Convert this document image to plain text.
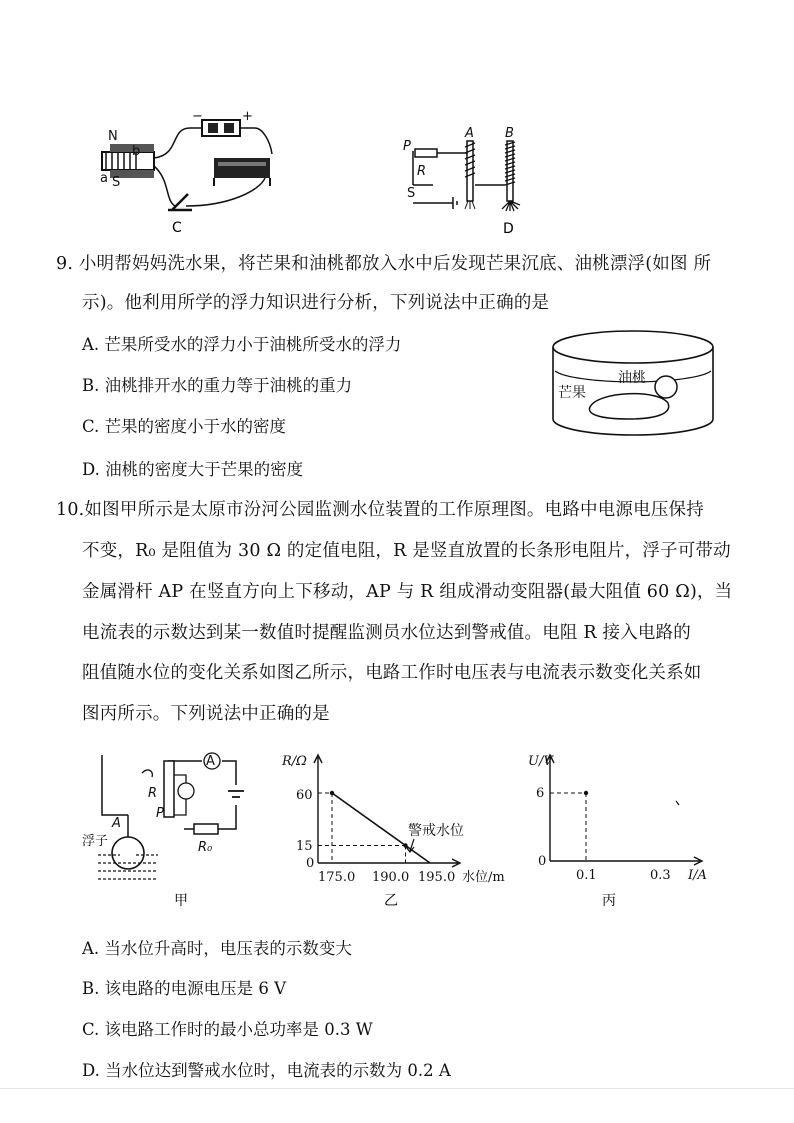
N
S
b
a
−	+
C
P
R
S
A B
D
9. 小明帮妈妈洗水果，将芒果和油桃都放入水中后发现芒果沉底、油桃漂浮(如图 所
示)。他利用所学的浮力知识进行分析，下列说法中正确的是
A. 芒果所受水的浮力小于油桃所受水的浮力
B. 油桃排开水的重力等于油桃的重力
C. 芒果的密度小于水的密度
D. 油桃的密度大于芒果的密度
油桃
芒果
10.如图甲所示是太原市汾河公园监测水位装置的工作原理图。电路中电源电压保持
不变，R₀ 是阻值为 30 Ω 的定值电阻，R 是竖直放置的长条形电阻片，浮子可带动
金属滑杆 AP 在竖直方向上下移动，AP 与 R 组成滑动变阻器(最大阻值 60 Ω)，当
电流表的示数达到某一数值时提醒监测员水位达到警戒值。电阻 R 接入电路的
阻值随水位的变化关系如图乙所示，电路工作时电压表与电流表示数变化关系如
图丙所示。下列说法中正确的是
A
R
P
R₀
A
浮子
甲
R/Ω
60
15
0
175.0 190.0 195.0 水位/m
警戒水位
乙
U/V
6
0
0.1	0.3 I/A
丙
A. 当水位升高时，电压表的示数变大
B. 该电路的电源电压是 6 V
C. 该电路工作时的最小总功率是 0.3 W
D. 当水位达到警戒水位时，电流表的示数为 0.2 A
